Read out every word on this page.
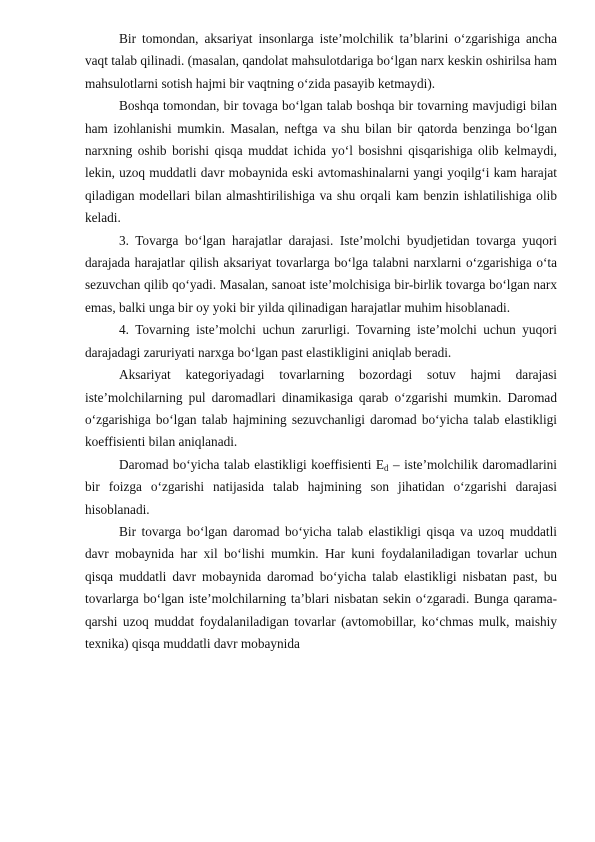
Bir tomondan, aksariyat insonlarga iste’molchilik ta’blarini o‘zgarishiga ancha vaqt talab qilinadi. (masalan, qandolat mahsulotdariga bo‘lgan narx keskin oshirilsa ham mahsulotlarni sotish hajmi bir vaqtning o‘zida pasayib ketmaydi).

Boshqa tomondan, bir tovaga bo‘lgan talab boshqa bir tovarning mavjudigi bilan ham izohlanishi mumkin. Masalan, neftga va shu bilan bir qatorda benzinga bo‘lgan narxning oshib borishi qisqa muddat ichida yo‘l bosishni qisqarishiga olib kelmaydi, lekin, uzoq muddatli davr mobaynida eski avtomashinalarni yangi yoqilg‘i kam harajat qiladigan modellari bilan almashtirilishiga va shu orqali kam benzin ishlatilishiga olib keladi.

3. Tovarga bo‘lgan harajatlar darajasi. Iste’molchi byudjetidan tovarga yuqori darajada harajatlar qilish aksariyat tovarlarga bo‘lga talabni narxlarni o‘zgarishiga o‘ta sezuvchan qilib qo‘yadi. Masalan, sanoat iste’molchisiga bir-birlik tovarga bo‘lgan narx emas, balki unga bir oy yoki bir yilda qilinadigan harajatlar muhim hisoblanadi.

4. Tovarning iste’molchi uchun zarurligi. Tovarning iste’molchi uchun yuqori darajadagi zaruriyati narxga bo‘lgan past elastikligini aniqlab beradi.

Aksariyat kategoriyadagi tovarlarning bozordagi sotuv hajmi darajasi iste’molchilarning pul daromadlari dinamikasiga qarab o‘zgarishi mumkin. Daromad o‘zgarishiga bo‘lgan talab hajmining sezuvchanligi daromad bo‘yicha talab elastikligi koeffisienti bilan aniqlanadi.

Daromad bo‘yicha talab elastikligi koeffisienti $E_d$ – iste’molchilik daromadlarini bir foizga o‘zgarishi natijasida talab hajmining son jihatidan o‘zgarishi darajasi hisoblanadi.

Bir tovarga bo‘lgan daromad bo‘yicha talab elastikligi qisqa va uzoq muddatli davr mobaynida har xil bo‘lishi mumkin. Har kuni foydalaniladigan tovarlar uchun qisqa muddatli davr mobaynida daromad bo‘yicha talab elastikligi nisbatan past, bu tovarlarga bo‘lgan iste’molchilarning ta’blari nisbatan sekin o‘zgaradi. Bunga qarama-qarshi uzoq muddat foydalaniladigan tovarlar (avtomobillar, ko‘chmas mulk, maishiy texnika) qisqa muddatli davr mobaynida
